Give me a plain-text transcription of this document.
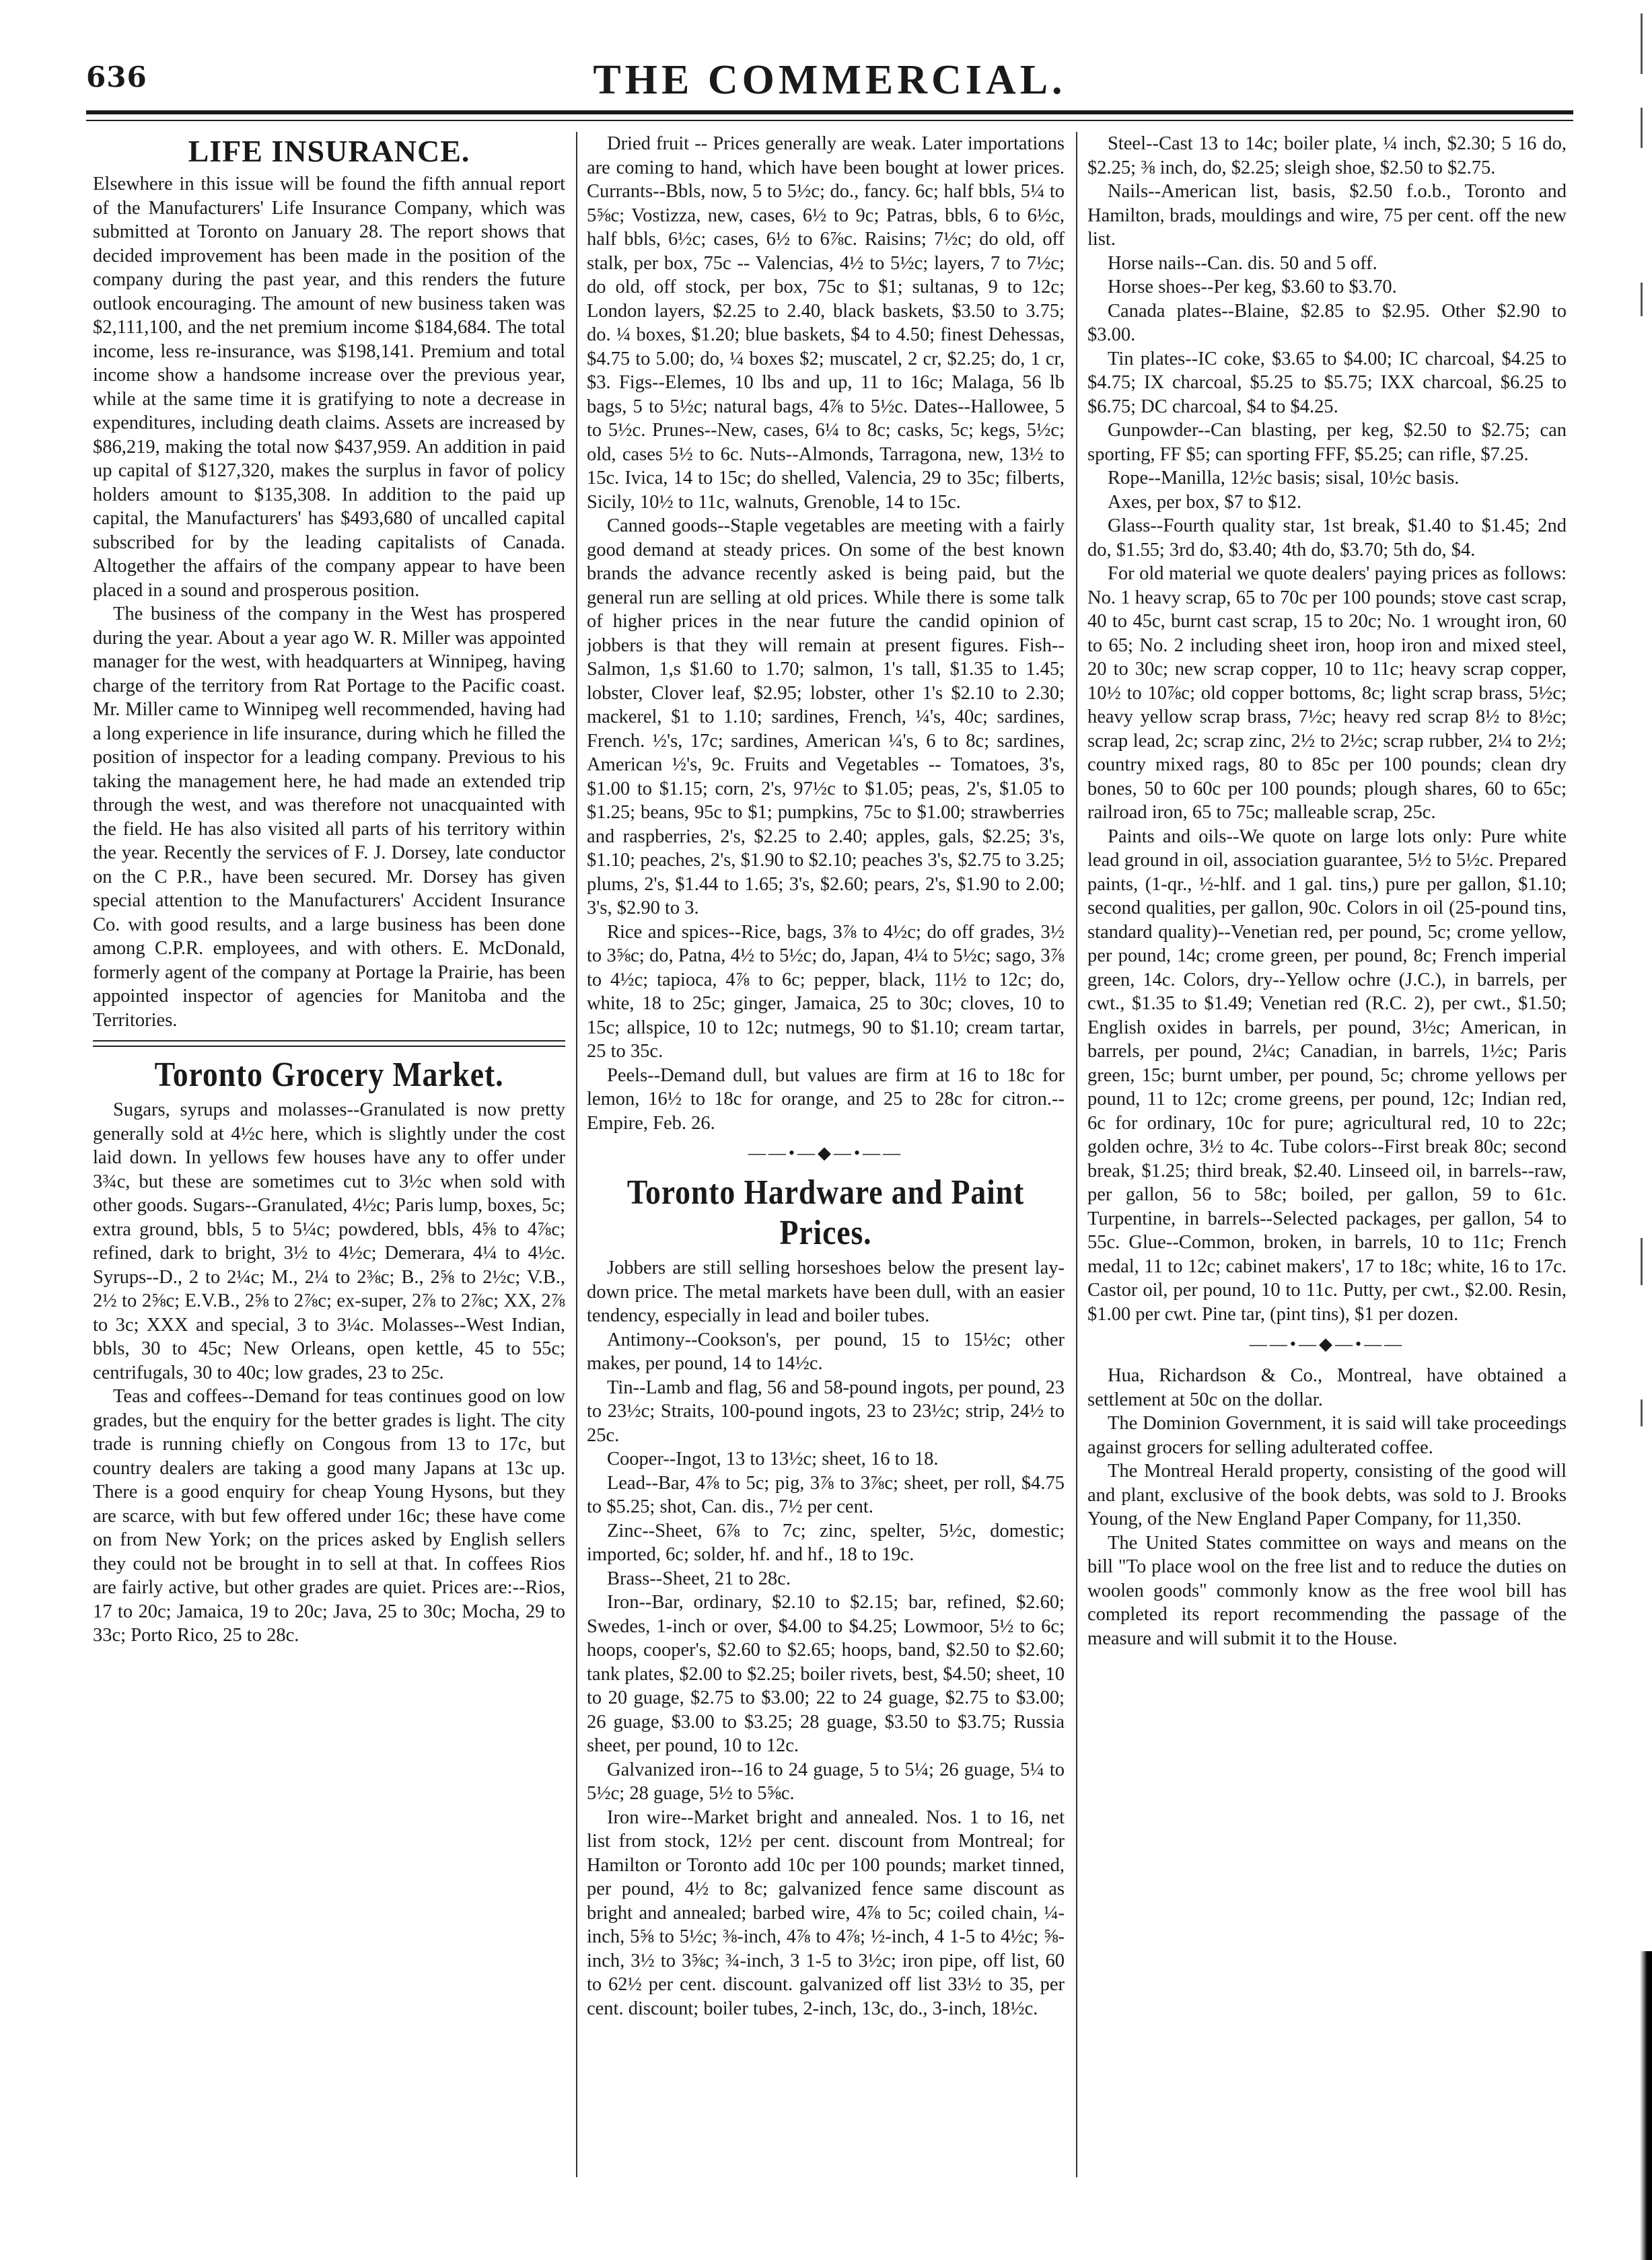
636	THE COMMERCIAL.
LIFE INSURANCE.

Elsewhere in this issue will be found the fifth annual report of the Manufacturers' Life Insurance Company, which was submitted at Toronto on January 28. The report shows that decided improvement has been made in the position of the company during the past year, and this renders the future outlook encouraging. The amount of new business taken was $2,111,100, and the net premium income $184,684. The total income, less re-insurance, was $198,141. Premium and total income show a handsome increase over the previous year, while at the same time it is gratifying to note a decrease in expenditures, including death claims. Assets are increased by $86,219, making the total now $437,959. An addition in paid up capital of $127,320, makes the surplus in favor of policy holders amount to $135,308. In addition to the paid up capital, the Manufacturers' has $493,680 of uncalled capital subscribed for by the leading capitalists of Canada. Altogether the affairs of the company appear to have been placed in a sound and prosperous position.

The business of the company in the West has prospered during the year. About a year ago W. R. Miller was appointed manager for the west, with headquarters at Winnipeg, having charge of the territory from Rat Portage to the Pacific coast. Mr. Miller came to Winnipeg well recommended, having had a long experience in life insurance, during which he filled the position of inspector for a leading company. Previous to his taking the management here, he had made an extended trip through the west, and was therefore not unacquainted with the field. He has also visited all parts of his territory within the year. Recently the services of F. J. Dorsey, late conductor on the C P.R., have been secured. Mr. Dorsey has given special attention to the Manufacturers' Accident Insurance Co. with good results, and a large business has been done among C.P.R. employees, and with others. E. McDonald, formerly agent of the company at Portage la Prairie, has been appointed inspector of agencies for Manitoba and the Territories.

Toronto Grocery Market.

Sugars, syrups and molasses--Granulated is now pretty generally sold at 4½c here, which is slightly under the cost laid down. In yellows few houses have any to offer under 3¾c, but these are sometimes cut to 3½c when sold with other goods. Sugars--Granulated, 4½c; Paris lump, boxes, 5c; extra ground, bbls, 5 to 5¼c; powdered, bbls, 4⅝ to 4⅞c; refined, dark to bright, 3½ to 4½c; Demerara, 4¼ to 4½c. Syrups--D., 2 to 2¼c; M., 2¼ to 2⅜c; B., 2⅝ to 2½c; V.B., 2½ to 2⅝c; E.V.B., 2⅝ to 2⅞c; ex-super, 2⅞ to 2⅞c; XX, 2⅞ to 3c; XXX and special, 3 to 3¼c. Molasses--West Indian, bbls, 30 to 45c; New Orleans, open kettle, 45 to 55c; centrifugals, 30 to 40c; low grades, 23 to 25c.

Teas and coffees--Demand for teas continues good on low grades, but the enquiry for the better grades is light. The city trade is running chiefly on Congous from 13 to 17c, but country dealers are taking a good many Japans at 13c up. There is a good enquiry for cheap Young Hysons, but they are scarce, with but few offered under 16c; these have come on from New York; on the prices asked by English sellers they could not be brought in to sell at that. In coffees Rios are fairly active, but other grades are quiet. Prices are:--Rios, 17 to 20c; Jamaica, 19 to 20c; Java, 25 to 30c; Mocha, 29 to 33c; Porto Rico, 25 to 28c.

Dried fruit -- Prices generally are weak. Later importations are coming to hand, which have been bought at lower prices. Currants--Bbls, now, 5 to 5½c; do., fancy. 6c; half bbls, 5¼ to 5⅝c; Vostizza, new, cases, 6½ to 9c; Patras, bbls, 6 to 6½c, half bbls, 6½c; cases, 6½ to 6⅞c. Raisins; 7½c; do old, off stalk, per box, 75c -- Valencias, 4½ to 5½c; layers, 7 to 7½c; do old, off stock, per box, 75c to $1; sultanas, 9 to 12c; London layers, $2.25 to 2.40, black baskets, $3.50 to 3.75; do. ¼ boxes, $1.20; blue baskets, $4 to 4.50; finest Dehessas, $4.75 to 5.00; do, ¼ boxes $2; muscatel, 2 cr, $2.25; do, 1 cr, $3. Figs--Elemes, 10 lbs and up, 11 to 16c; Malaga, 56 lb bags, 5 to 5½c; natural bags, 4⅞ to 5½c. Dates--Hallowee, 5 to 5½c. Prunes--New, cases, 6¼ to 8c; casks, 5c; kegs, 5½c; old, cases 5½ to 6c. Nuts--Almonds, Tarragona, new, 13½ to 15c. Ivica, 14 to 15c; do shelled, Valencia, 29 to 35c; filberts, Sicily, 10½ to 11c, walnuts, Grenoble, 14 to 15c.

Canned goods--Staple vegetables are meeting with a fairly good demand at steady prices. On some of the best known brands the advance recently asked is being paid, but the general run are selling at old prices. While there is some talk of higher prices in the near future the candid opinion of jobbers is that they will remain at present figures. Fish--Salmon, 1,s $1.60 to 1.70; salmon, 1's tall, $1.35 to 1.45; lobster, Clover leaf, $2.95; lobster, other 1's $2.10 to 2.30; mackerel, $1 to 1.10; sardines, French, ¼'s, 40c; sardines, French. ½'s, 17c; sardines, American ¼'s, 6 to 8c; sardines, American ½'s, 9c. Fruits and Vegetables -- Tomatoes, 3's, $1.00 to $1.15; corn, 2's, 97½c to $1.05; peas, 2's, $1.05 to $1.25; beans, 95c to $1; pumpkins, 75c to $1.00; strawberries and raspberries, 2's, $2.25 to 2.40; apples, gals, $2.25; 3's, $1.10; peaches, 2's, $1.90 to $2.10; peaches 3's, $2.75 to 3.25; plums, 2's, $1.44 to 1.65; 3's, $2.60; pears, 2's, $1.90 to 2.00; 3's, $2.90 to 3.

Rice and spices--Rice, bags, 3⅞ to 4½c; do off grades, 3½ to 3⅝c; do, Patna, 4½ to 5½c; do, Japan, 4¼ to 5½c; sago, 3⅞ to 4½c; tapioca, 4⅞ to 6c; pepper, black, 11½ to 12c; do, white, 18 to 25c; ginger, Jamaica, 25 to 30c; cloves, 10 to 15c; allspice, 10 to 12c; nutmegs, 90 to $1.10; cream tartar, 25 to 35c.

Peels--Demand dull, but values are firm at 16 to 18c for lemon, 16½ to 18c for orange, and 25 to 28c for citron.--Empire, Feb. 26.

——•—◆—•——
Toronto Hardware and Paint Prices.

Jobbers are still selling horseshoes below the present lay-down price. The metal markets have been dull, with an easier tendency, especially in lead and boiler tubes.

Antimony--Cookson's, per pound, 15 to 15½c; other makes, per pound, 14 to 14½c.

Tin--Lamb and flag, 56 and 58-pound ingots, per pound, 23 to 23½c; Straits, 100-pound ingots, 23 to 23½c; strip, 24½ to 25c.

Cooper--Ingot, 13 to 13½c; sheet, 16 to 18.

Lead--Bar, 4⅞ to 5c; pig, 3⅞ to 3⅞c; sheet, per roll, $4.75 to $5.25; shot, Can. dis., 7½ per cent.

Zinc--Sheet, 6⅞ to 7c; zinc, spelter, 5½c, domestic; imported, 6c; solder, hf. and hf., 18 to 19c.

Brass--Sheet, 21 to 28c.

Iron--Bar, ordinary, $2.10 to $2.15; bar, refined, $2.60; Swedes, 1-inch or over, $4.00 to $4.25; Lowmoor, 5½ to 6c; hoops, cooper's, $2.60 to $2.65; hoops, band, $2.50 to $2.60; tank plates, $2.00 to $2.25; boiler rivets, best, $4.50; sheet, 10 to 20 guage, $2.75 to $3.00; 22 to 24 guage, $2.75 to $3.00; 26 guage, $3.00 to $3.25; 28 guage, $3.50 to $3.75; Russia sheet, per pound, 10 to 12c.

Galvanized iron--16 to 24 guage, 5 to 5¼; 26 guage, 5¼ to 5½c; 28 guage, 5½ to 5⅝c.

Iron wire--Market bright and annealed. Nos. 1 to 16, net list from stock, 12½ per cent. discount from Montreal; for Hamilton or Toronto add 10c per 100 pounds; market tinned, per pound, 4½ to 8c; galvanized fence same discount as bright and annealed; barbed wire, 4⅞ to 5c; coiled chain, ¼-inch, 5⅝ to 5½c; ⅜-inch, 4⅞ to 4⅞; ½-inch, 4 1-5 to 4½c; ⅝-inch, 3½ to 3⅝c; ¾-inch, 3 1-5 to 3½c; iron pipe, off list, 60 to 62½ per cent. discount. galvanized off list 33½ to 35, per cent. discount; boiler tubes, 2-inch, 13c, do., 3-inch, 18½c.

Steel--Cast 13 to 14c; boiler plate, ¼ inch, $2.30; 5 16 do, $2.25; ⅜ inch, do, $2.25; sleigh shoe, $2.50 to $2.75.

Nails--American list, basis, $2.50 f.o.b., Toronto and Hamilton, brads, mouldings and wire, 75 per cent. off the new list.

Horse nails--Can. dis. 50 and 5 off.

Horse shoes--Per keg, $3.60 to $3.70.

Canada plates--Blaine, $2.85 to $2.95. Other $2.90 to $3.00.

Tin plates--IC coke, $3.65 to $4.00; IC charcoal, $4.25 to $4.75; IX charcoal, $5.25 to $5.75; IXX charcoal, $6.25 to $6.75; DC charcoal, $4 to $4.25.

Gunpowder--Can blasting, per keg, $2.50 to $2.75; can sporting, FF $5; can sporting FFF, $5.25; can rifle, $7.25.

Rope--Manilla, 12½c basis; sisal, 10½c basis.

Axes, per box, $7 to $12.

Glass--Fourth quality star, 1st break, $1.40 to $1.45; 2nd do, $1.55; 3rd do, $3.40; 4th do, $3.70; 5th do, $4.

For old material we quote dealers' paying prices as follows: No. 1 heavy scrap, 65 to 70c per 100 pounds; stove cast scrap, 40 to 45c, burnt cast scrap, 15 to 20c; No. 1 wrought iron, 60 to 65; No. 2 including sheet iron, hoop iron and mixed steel, 20 to 30c; new scrap copper, 10 to 11c; heavy scrap copper, 10½ to 10⅞c; old copper bottoms, 8c; light scrap brass, 5½c; heavy yellow scrap brass, 7½c; heavy red scrap 8½ to 8½c; scrap lead, 2c; scrap zinc, 2½ to 2½c; scrap rubber, 2¼ to 2½; country mixed rags, 80 to 85c per 100 pounds; clean dry bones, 50 to 60c per 100 pounds; plough shares, 60 to 65c; railroad iron, 65 to 75c; malleable scrap, 25c.

Paints and oils--We quote on large lots only: Pure white lead ground in oil, association guarantee, 5½ to 5½c. Prepared paints, (1-qr., ½-hlf. and 1 gal. tins,) pure per gallon, $1.10; second qualities, per gallon, 90c. Colors in oil (25-pound tins, standard quality)--Venetian red, per pound, 5c; crome yellow, per pound, 14c; crome green, per pound, 8c; French imperial green, 14c. Colors, dry--Yellow ochre (J.C.), in barrels, per cwt., $1.35 to $1.49; Venetian red (R.C. 2), per cwt., $1.50; English oxides in barrels, per pound, 3½c; American, in barrels, per pound, 2¼c; Canadian, in barrels, 1½c; Paris green, 15c; burnt umber, per pound, 5c; chrome yellows per pound, 11 to 12c; crome greens, per pound, 12c; Indian red, 6c for ordinary, 10c for pure; agricultural red, 10 to 22c; golden ochre, 3½ to 4c. Tube colors--First break 80c; second break, $1.25; third break, $2.40. Linseed oil, in barrels--raw, per gallon, 56 to 58c; boiled, per gallon, 59 to 61c. Turpentine, in barrels--Selected packages, per gallon, 54 to 55c. Glue--Common, broken, in barrels, 10 to 11c; French medal, 11 to 12c; cabinet makers', 17 to 18c; white, 16 to 17c. Castor oil, per pound, 10 to 11c. Putty, per cwt., $2.00. Resin, $1.00 per cwt. Pine tar, (pint tins), $1 per dozen.

——•—◆—•——

Hua, Richardson & Co., Montreal, have obtained a settlement at 50c on the dollar.

The Dominion Government, it is said will take proceedings against grocers for selling adulterated coffee.

The Montreal Herald property, consisting of the good will and plant, exclusive of the book debts, was sold to J. Brooks Young, of the New England Paper Company, for 11,350.

The United States committee on ways and means on the bill "To place wool on the free list and to reduce the duties on woolen goods" commonly know as the free wool bill has completed its report recommending the passage of the measure and will submit it to the House.
